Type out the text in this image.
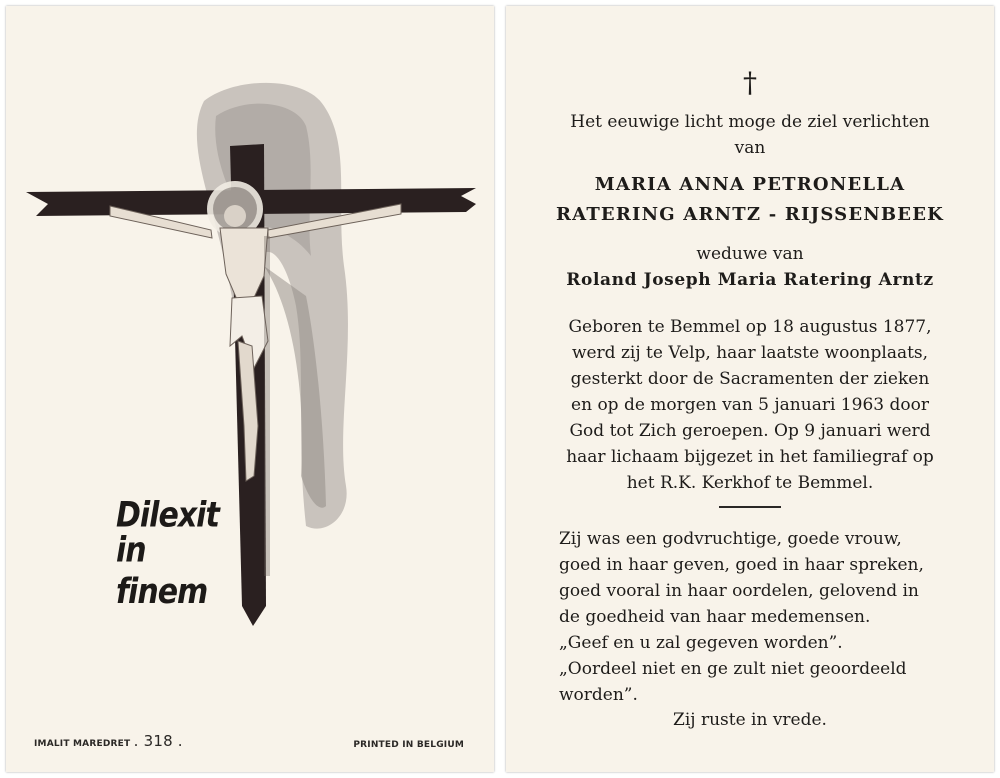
Dilexit
in finem
IMALIT MAREDRET . 318 .	PRINTED IN BELGIUM
†
Het eeuwige licht moge de ziel verlichten
van
MARIA ANNA PETRONELLA
RATERING ARNTZ - RIJSSENBEEK
weduwe van
Roland Joseph Maria Ratering Arntz
Geboren te Bemmel op 18 augustus 1877,
werd zij te Velp, haar laatste woonplaats,
gesterkt door de Sacramenten der zieken
en op de morgen van 5 januari 1963 door
God tot Zich geroepen. Op 9 januari werd
haar lichaam bijgezet in het familiegraf op
het R.K. Kerkhof te Bemmel.
Zij was een godvruchtige, goede vrouw,
goed in haar geven, goed in haar spreken,
goed vooral in haar oordelen, gelovend in
de goedheid van haar medemensen.
„Geef en u zal gegeven worden”.
„Oordeel niet en ge zult niet geoordeeld
worden”.
Zij ruste in vrede.
